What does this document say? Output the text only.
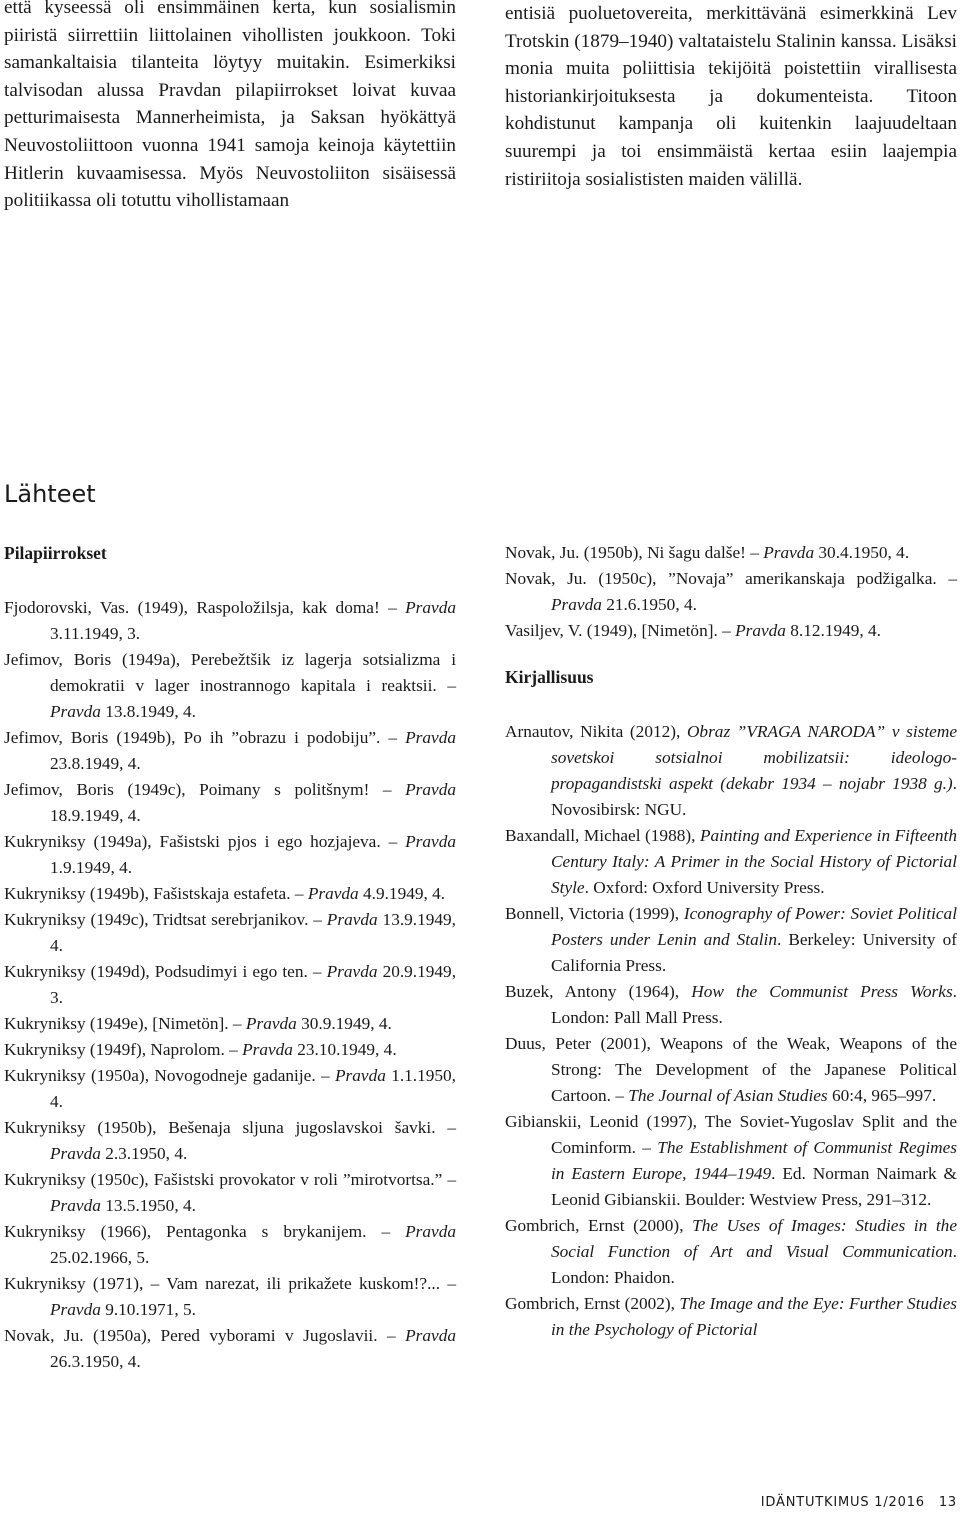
että kyseessä oli ensimmäinen kerta, kun sosialismin piiristä siirrettiin liittolainen vihollisten joukkoon. Toki samankaltaisia tilanteita löytyy muitakin. Esimerkiksi talvisodan alussa Pravdan pilapiirrokset loivat kuvaa petturimaisesta Mannerheimista, ja Saksan hyökättyä Neuvostoliittoon vuonna 1941 samoja keinoja käytettiin Hitlerin kuvaamisessa. Myös Neuvostoliiton sisäisessä politiikassa oli totuttu vihollistamaan

entisiä puoluetovereita, merkittävänä esimerkkinä Lev Trotskin (1879–1940) valtataistelu Stalinin kanssa. Lisäksi monia muita poliittisia tekijöitä poistettiin virallisesta historiankirjoituksesta ja dokumenteista. Titoon kohdistunut kampanja oli kuitenkin laajuudeltaan suurempi ja toi ensimmäistä kertaa esiin laajempia ristiriitoja sosialististen maiden välillä.

Lähteet
Pilapiirrokset
Fjodorovski, Vas. (1949), Raspoložilsja, kak doma! – Pravda 3.11.1949, 3.
Jefimov, Boris (1949a), Perebežtšik iz lagerja sotsializma i demokratii v lager inostrannogo kapitala i reaktsii. – Pravda 13.8.1949, 4.
Jefimov, Boris (1949b), Po ih ”obrazu i podobiju”. – Pravda 23.8.1949, 4.
Jefimov, Boris (1949c), Poimany s politšnym! – Pravda 18.9.1949, 4.
Kukryniksy (1949a), Fašistski pjos i ego hozjajeva. – Pravda 1.9.1949, 4.
Kukryniksy (1949b), Fašistskaja estafeta. – Pravda 4.9.1949, 4.
Kukryniksy (1949c), Tridtsat serebrjanikov. – Pravda 13.9.1949, 4.
Kukryniksy (1949d), Podsudimyi i ego ten. – Pravda 20.9.1949, 3.
Kukryniksy (1949e), [Nimetön]. – Pravda 30.9.1949, 4.
Kukryniksy (1949f), Naprolom. – Pravda 23.10.1949, 4.
Kukryniksy (1950a), Novogodneje gadanije. – Pravda 1.1.1950, 4.
Kukryniksy (1950b), Bešenaja sljuna jugoslavskoi šavki. – Pravda 2.3.1950, 4.
Kukryniksy (1950c), Fašistski provokator v roli ”mirotvortsa.” – Pravda 13.5.1950, 4.
Kukryniksy (1966), Pentagonka s brykanijem. – Pravda 25.02.1966, 5.
Kukryniksy (1971), – Vam narezat, ili prikažete kuskom!?... – Pravda 9.10.1971, 5.
Novak, Ju. (1950a), Pered vyborami v Jugoslavii. – Pravda 26.3.1950, 4.
Novak, Ju. (1950b), Ni šagu dalše! – Pravda 30.4.1950, 4.
Novak, Ju. (1950c), ”Novaja” amerikanskaja podžigalka. – Pravda 21.6.1950, 4.
Vasiljev, V. (1949), [Nimetön]. – Pravda 8.12.1949, 4.
Kirjallisuus
Arnautov, Nikita (2012), Obraz ”VRAGA NARODA” v sisteme sovetskoi sotsialnoi mobilizatsii: ideologo-propagandistski aspekt (dekabr 1934 – nojabr 1938 g.). Novosibirsk: NGU.
Baxandall, Michael (1988), Painting and Experience in Fifteenth Century Italy: A Primer in the Social History of Pictorial Style. Oxford: Oxford University Press.
Bonnell, Victoria (1999), Iconography of Power: Soviet Political Posters under Lenin and Stalin. Berkeley: University of California Press.
Buzek, Antony (1964), How the Communist Press Works. London: Pall Mall Press.
Duus, Peter (2001), Weapons of the Weak, Weapons of the Strong: The Development of the Japanese Political Cartoon. – The Journal of Asian Studies 60:4, 965–997.
Gibianskii, Leonid (1997), The Soviet-Yugoslav Split and the Cominform. – The Establishment of Communist Regimes in Eastern Europe, 1944–1949. Ed. Norman Naimark & Leonid Gibianskii. Boulder: Westview Press, 291–312.
Gombrich, Ernst (2000), The Uses of Images: Studies in the Social Function of Art and Visual Communication. London: Phaidon.
Gombrich, Ernst (2002), The Image and the Eye: Further Studies in the Psychology of Pictorial
IDÄNTUTKIMUS 1/2016 13
